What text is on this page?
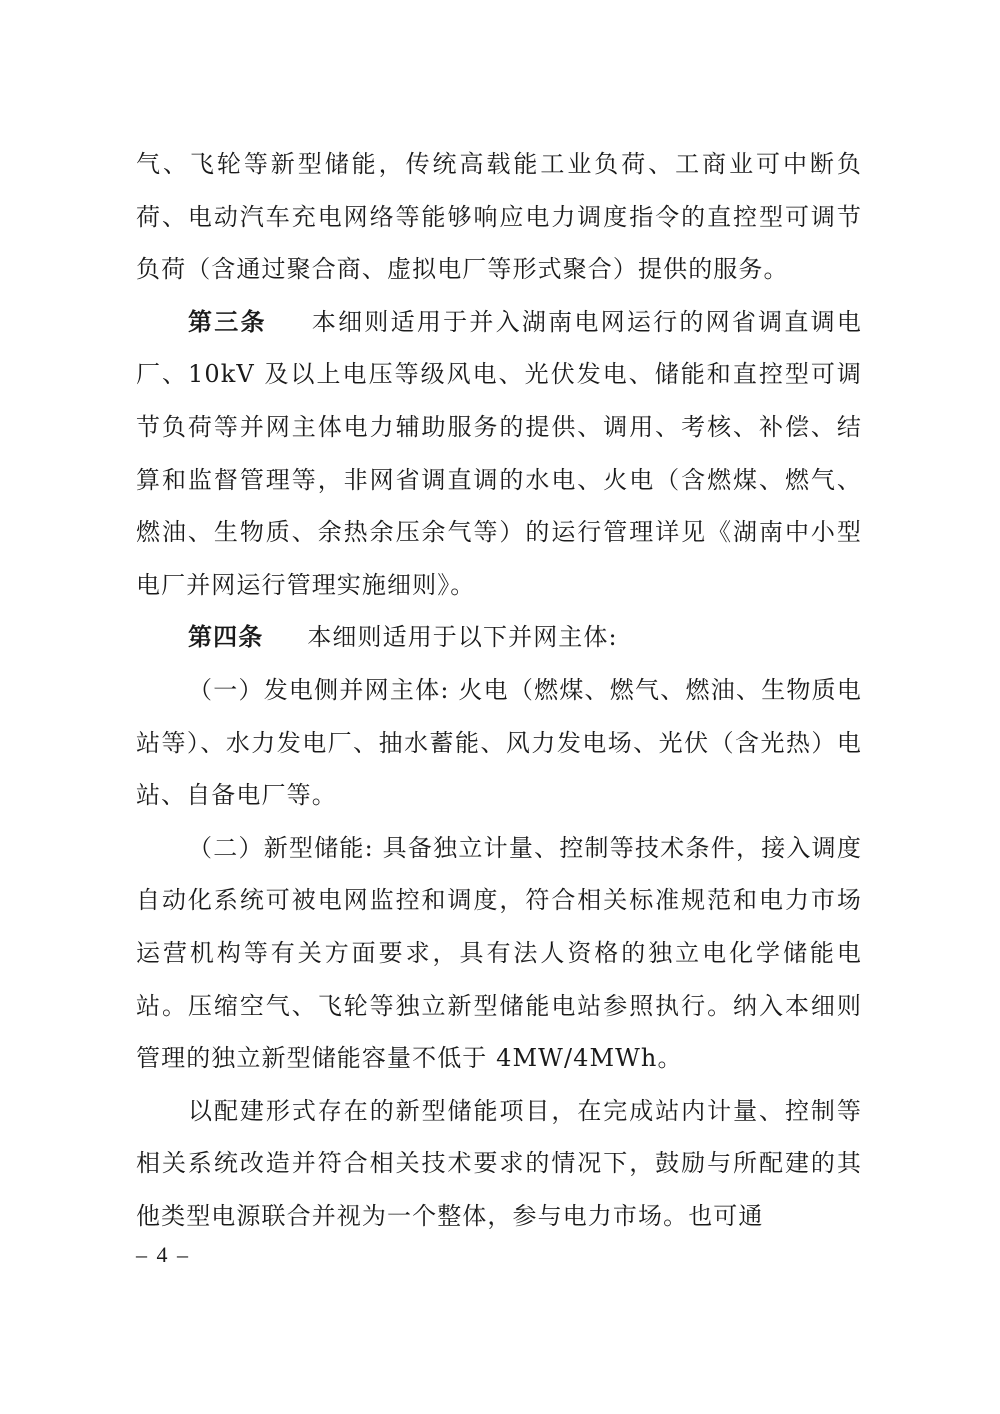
气、飞轮等新型储能，传统高载能工业负荷、工商业可中断负荷、电动汽车充电网络等能够响应电力调度指令的直控型可调节负荷（含通过聚合商、虚拟电厂等形式聚合）提供的服务。

第三条 本细则适用于并入湖南电网运行的网省调直调电厂、10kV 及以上电压等级风电、光伏发电、储能和直控型可调节负荷等并网主体电力辅助服务的提供、调用、考核、补偿、结算和监督管理等，非网省调直调的水电、火电（含燃煤、燃气、燃油、生物质、余热余压余气等）的运行管理详见《湖南中小型电厂并网运行管理实施细则》。

第四条 本细则适用于以下并网主体:

（一）发电侧并网主体: 火电（燃煤、燃气、燃油、生物质电站等）、水力发电厂、抽水蓄能、风力发电场、光伏（含光热）电站、自备电厂等。

（二）新型储能: 具备独立计量、控制等技术条件，接入调度自动化系统可被电网监控和调度，符合相关标准规范和电力市场运营机构等有关方面要求，具有法人资格的独立电化学储能电站。压缩空气、飞轮等独立新型储能电站参照执行。纳入本细则管理的独立新型储能容量不低于 4MW/4MWh。

以配建形式存在的新型储能项目，在完成站内计量、控制等相关系统改造并符合相关技术要求的情况下，鼓励与所配建的其他类型电源联合并视为一个整体，参与电力市场。也可通

– 4 –
